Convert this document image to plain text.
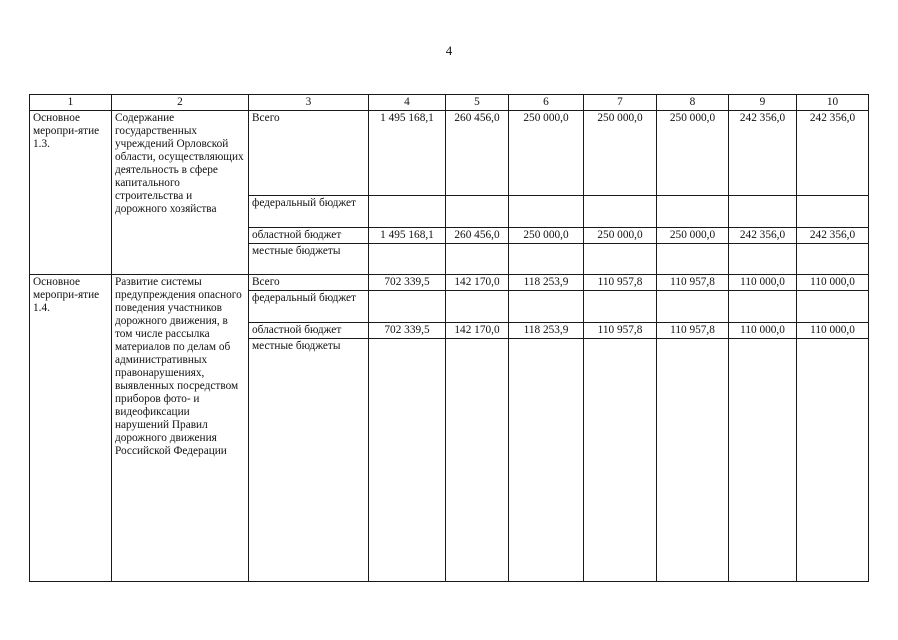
4
1	2	3	4	5	6	7	8	9	10
Основное меропри-ятие 1.3.	Содержание государственных учреждений Орловской области, осуществляющих деятельность в сфере капитального строительства и дорожного хозяйства	Всего	1 495 168,1	260 456,0	250 000,0	250 000,0	250 000,0	242 356,0	242 356,0
		федеральный бюджет							
		областной бюджет	1 495 168,1	260 456,0	250 000,0	250 000,0	250 000,0	242 356,0	242 356,0
		местные бюджеты							
Основное меропри-ятие 1.4.	Развитие системы предупреждения опасного поведения участников дорожного движения, в том числе рассылка материалов по делам об административных правонарушениях, выявленных посредством приборов фото- и видеофиксации нарушений Правил дорожного движения Российской Федерации	Всего	702 339,5	142 170,0	118 253,9	110 957,8	110 957,8	110 000,0	110 000,0
		федеральный бюджет							
		областной бюджет	702 339,5	142 170,0	118 253,9	110 957,8	110 957,8	110 000,0	110 000,0
		местные бюджеты							
